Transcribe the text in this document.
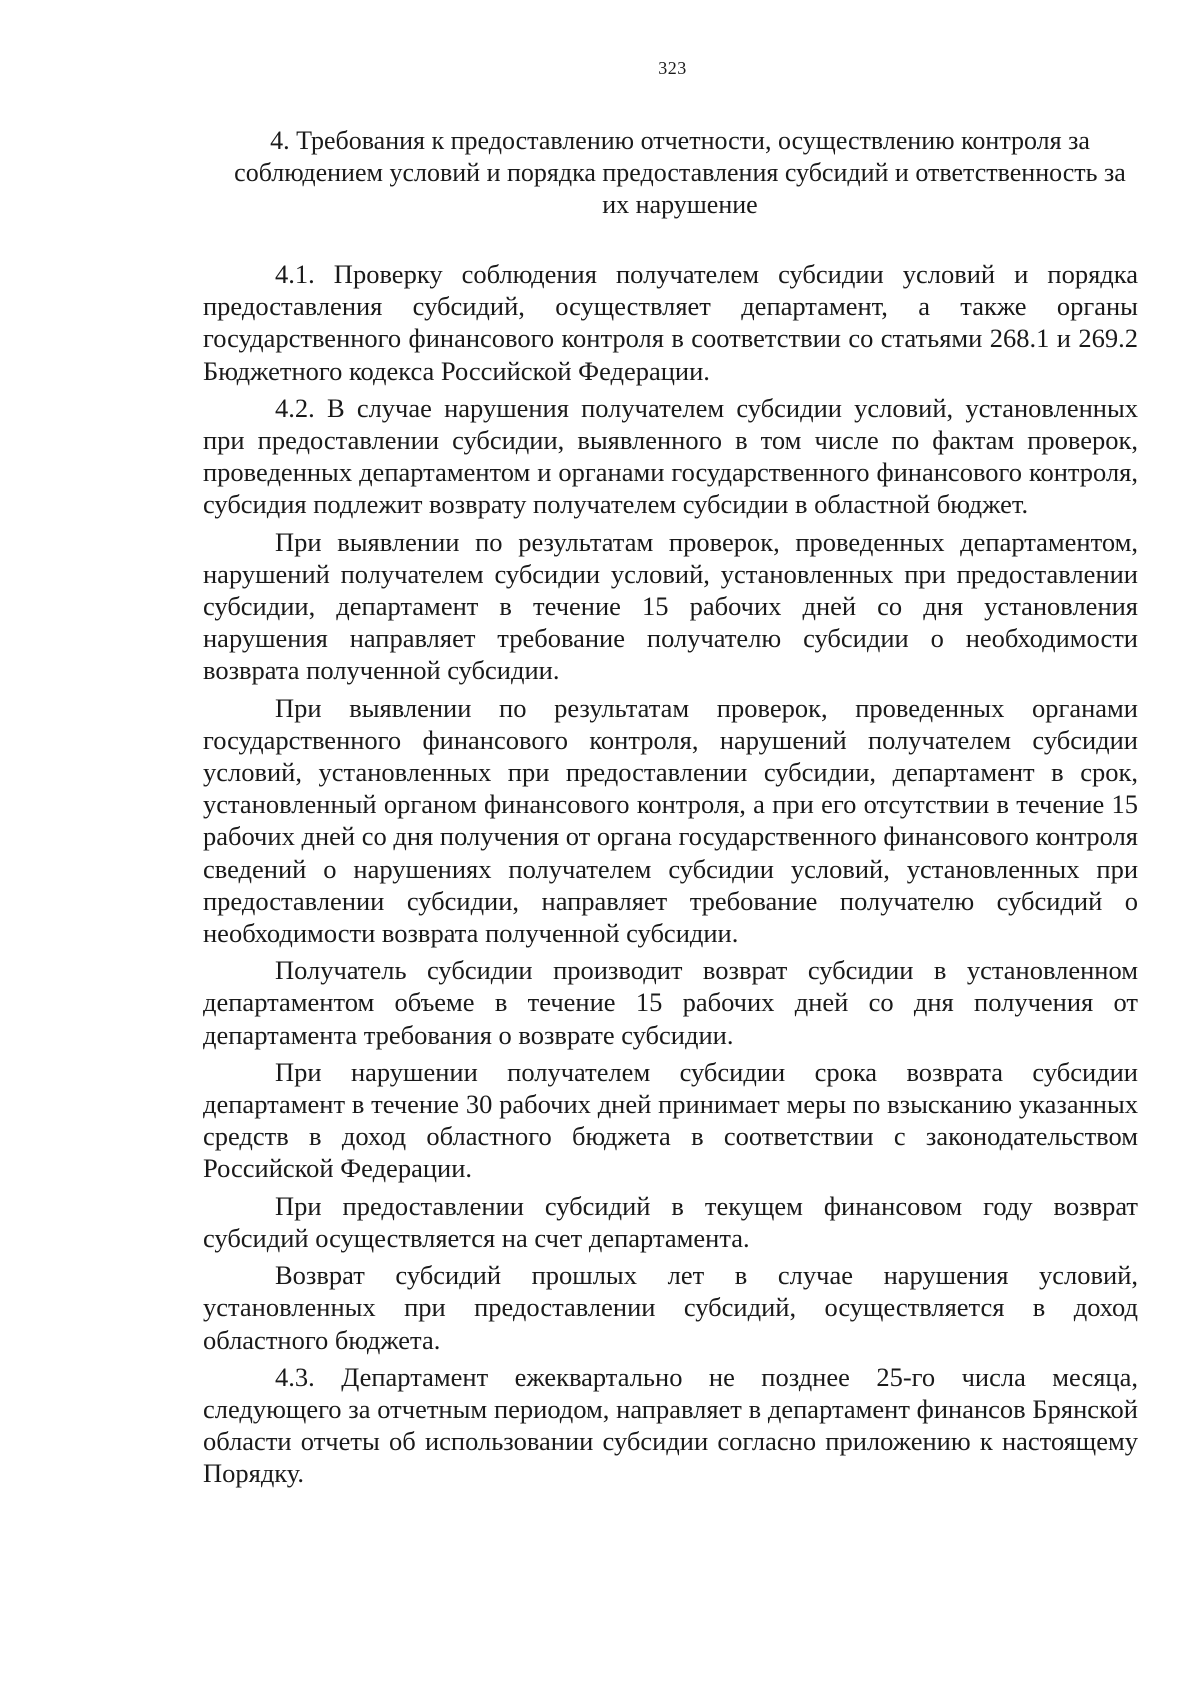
323
4. Требования к предоставлению отчетности, осуществлению контроля за соблюдением условий и порядка предоставления субсидий и ответственность за их нарушение

4.1. Проверку соблюдения получателем субсидии условий и порядка предоставления субсидий, осуществляет департамент, а также органы государственного финансового контроля в соответствии со статьями 268.1 и 269.2 Бюджетного кодекса Российской Федерации.

4.2. В случае нарушения получателем субсидии условий, установленных при предоставлении субсидии, выявленного в том числе по фактам проверок, проведенных департаментом и органами государственного финансового контроля, субсидия подлежит возврату получателем субсидии в областной бюджет.

При выявлении по результатам проверок, проведенных департаментом, нарушений получателем субсидии условий, установленных при предоставлении субсидии, департамент в течение 15 рабочих дней со дня установления нарушения направляет требование получателю субсидии о необходимости возврата полученной субсидии.

При выявлении по результатам проверок, проведенных органами государственного финансового контроля, нарушений получателем субсидии условий, установленных при предоставлении субсидии, департамент в срок, установленный органом финансового контроля, а при его отсутствии в течение 15 рабочих дней со дня получения от органа государственного финансового контроля сведений о нарушениях получателем субсидии условий, установленных при предоставлении субсидии, направляет требование получателю субсидий о необходимости возврата полученной субсидии.

Получатель субсидии производит возврат субсидии в установленном департаментом объеме в течение 15 рабочих дней со дня получения от департамента требования о возврате субсидии.

При нарушении получателем субсидии срока возврата субсидии департамент в течение 30 рабочих дней принимает меры по взысканию указанных средств в доход областного бюджета в соответствии с законодательством Российской Федерации.

При предоставлении субсидий в текущем финансовом году возврат субсидий осуществляется на счет департамента.

Возврат субсидий прошлых лет в случае нарушения условий, установленных при предоставлении субсидий, осуществляется в доход областного бюджета.

4.3. Департамент ежеквартально не позднее 25-го числа месяца, следующего за отчетным периодом, направляет в департамент финансов Брянской области отчеты об использовании субсидии согласно приложению к настоящему Порядку.
